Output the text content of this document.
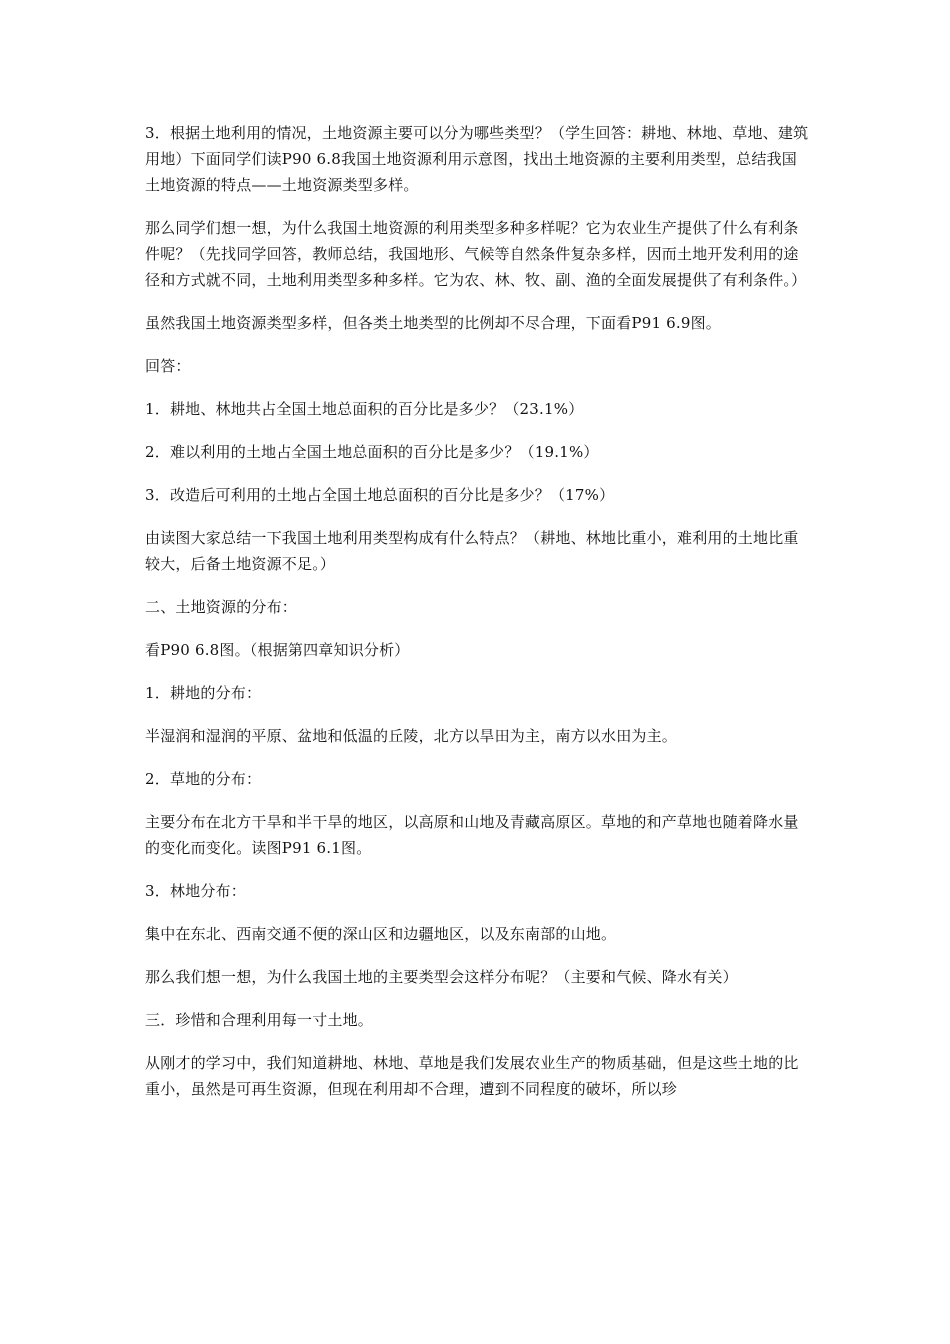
3．根据土地利用的情况，土地资源主要可以分为哪些类型？（学生回答：耕地、林地、草地、建筑用地）下面同学们读P90 6.8我国土地资源利用示意图，找出土地资源的主要利用类型，总结我国土地资源的特点——土地资源类型多样。

那么同学们想一想，为什么我国土地资源的利用类型多种多样呢？它为农业生产提供了什么有利条件呢？（先找同学回答，教师总结，我国地形、气候等自然条件复杂多样，因而土地开发利用的途径和方式就不同，土地利用类型多种多样。它为农、林、牧、副、渔的全面发展提供了有利条件。）

虽然我国土地资源类型多样，但各类土地类型的比例却不尽合理，下面看P91 6.9图。

回答：

1．耕地、林地共占全国土地总面积的百分比是多少？（23.1%）

2．难以利用的土地占全国土地总面积的百分比是多少？（19.1%）

3．改造后可利用的土地占全国土地总面积的百分比是多少？（17%）

由读图大家总结一下我国土地利用类型构成有什么特点？（耕地、林地比重小，难利用的土地比重较大，后备土地资源不足。）

二、土地资源的分布：

看P90 6.8图。（根据第四章知识分析）

1．耕地的分布：

半湿润和湿润的平原、盆地和低温的丘陵，北方以旱田为主，南方以水田为主。

2．草地的分布：

主要分布在北方干旱和半干旱的地区，以高原和山地及青藏高原区。草地的和产草地也随着降水量的变化而变化。读图P91 6.1图。

3．林地分布：

集中在东北、西南交通不便的深山区和边疆地区，以及东南部的山地。

那么我们想一想，为什么我国土地的主要类型会这样分布呢？（主要和气候、降水有关）

三．珍惜和合理利用每一寸土地。

从刚才的学习中，我们知道耕地、林地、草地是我们发展农业生产的物质基础，但是这些土地的比重小，虽然是可再生资源，但现在利用却不合理，遭到不同程度的破坏，所以珍
